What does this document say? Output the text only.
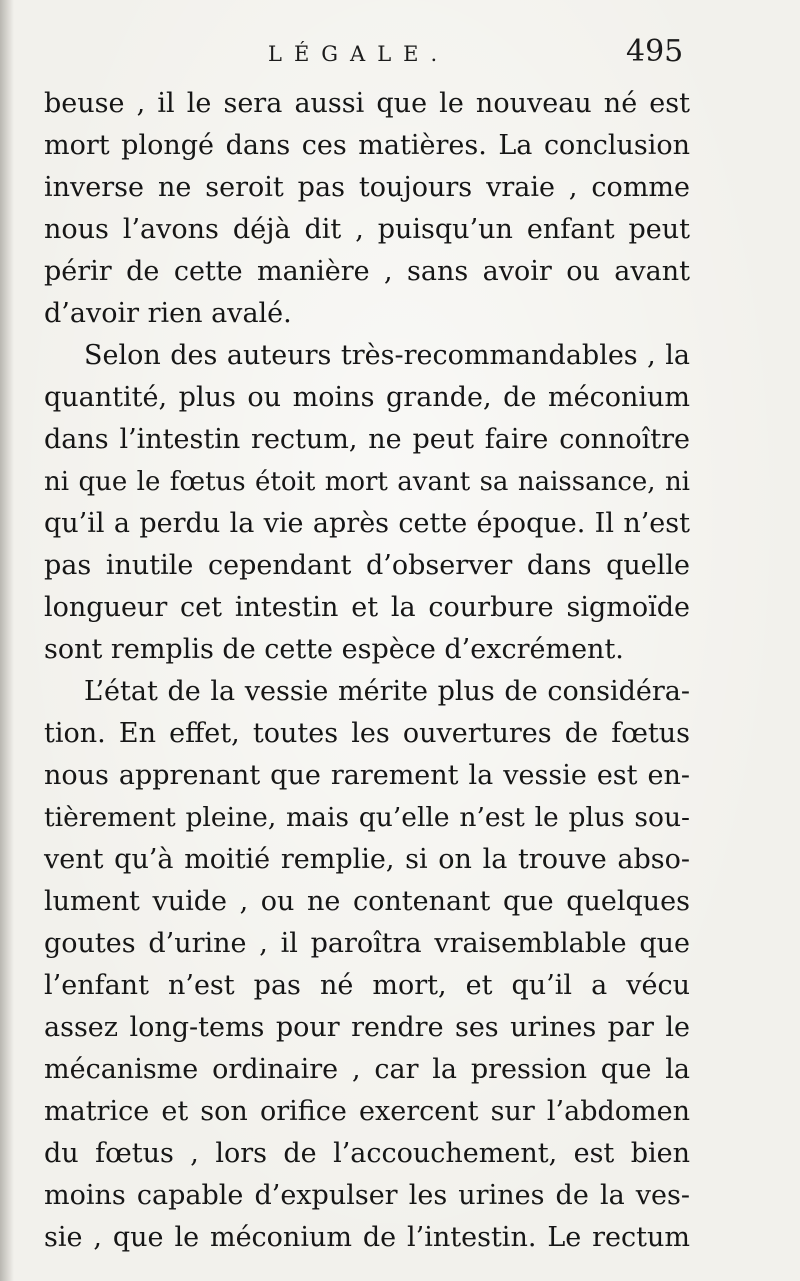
LÉGALE.	495
beuse , il le sera aussi que le nouveau né est
mort plongé dans ces matières. La conclusion
inverse ne seroit pas toujours vraie , comme
nous l’avons déjà dit , puisqu’un enfant peut
périr de cette manière , sans avoir ou avant
d’avoir rien avalé.
Selon des auteurs très-recommandables , la
quantité, plus ou moins grande, de méconium
dans l’intestin rectum, ne peut faire connoître
ni que le fœtus étoit mort avant sa naissance, ni
qu’il a perdu la vie après cette époque. Il n’est
pas inutile cependant d’observer dans quelle
longueur cet intestin et la courbure sigmoïde
sont remplis de cette espèce d’excrément.
L’état de la vessie mérite plus de considéra-
tion. En effet, toutes les ouvertures de fœtus
nous apprenant que rarement la vessie est en-
tièrement pleine, mais qu’elle n’est le plus sou-
vent qu’à moitié remplie, si on la trouve abso-
lument vuide , ou ne contenant que quelques
goutes d’urine , il paroîtra vraisemblable que
l’enfant n’est pas né mort, et qu’il a vécu
assez long-tems pour rendre ses urines par le
mécanisme ordinaire , car la pression que la
matrice et son orifice exercent sur l’abdomen
du fœtus , lors de l’accouchement, est bien
moins capable d’expulser les urines de la ves-
sie , que le méconium de l’intestin. Le rectum
